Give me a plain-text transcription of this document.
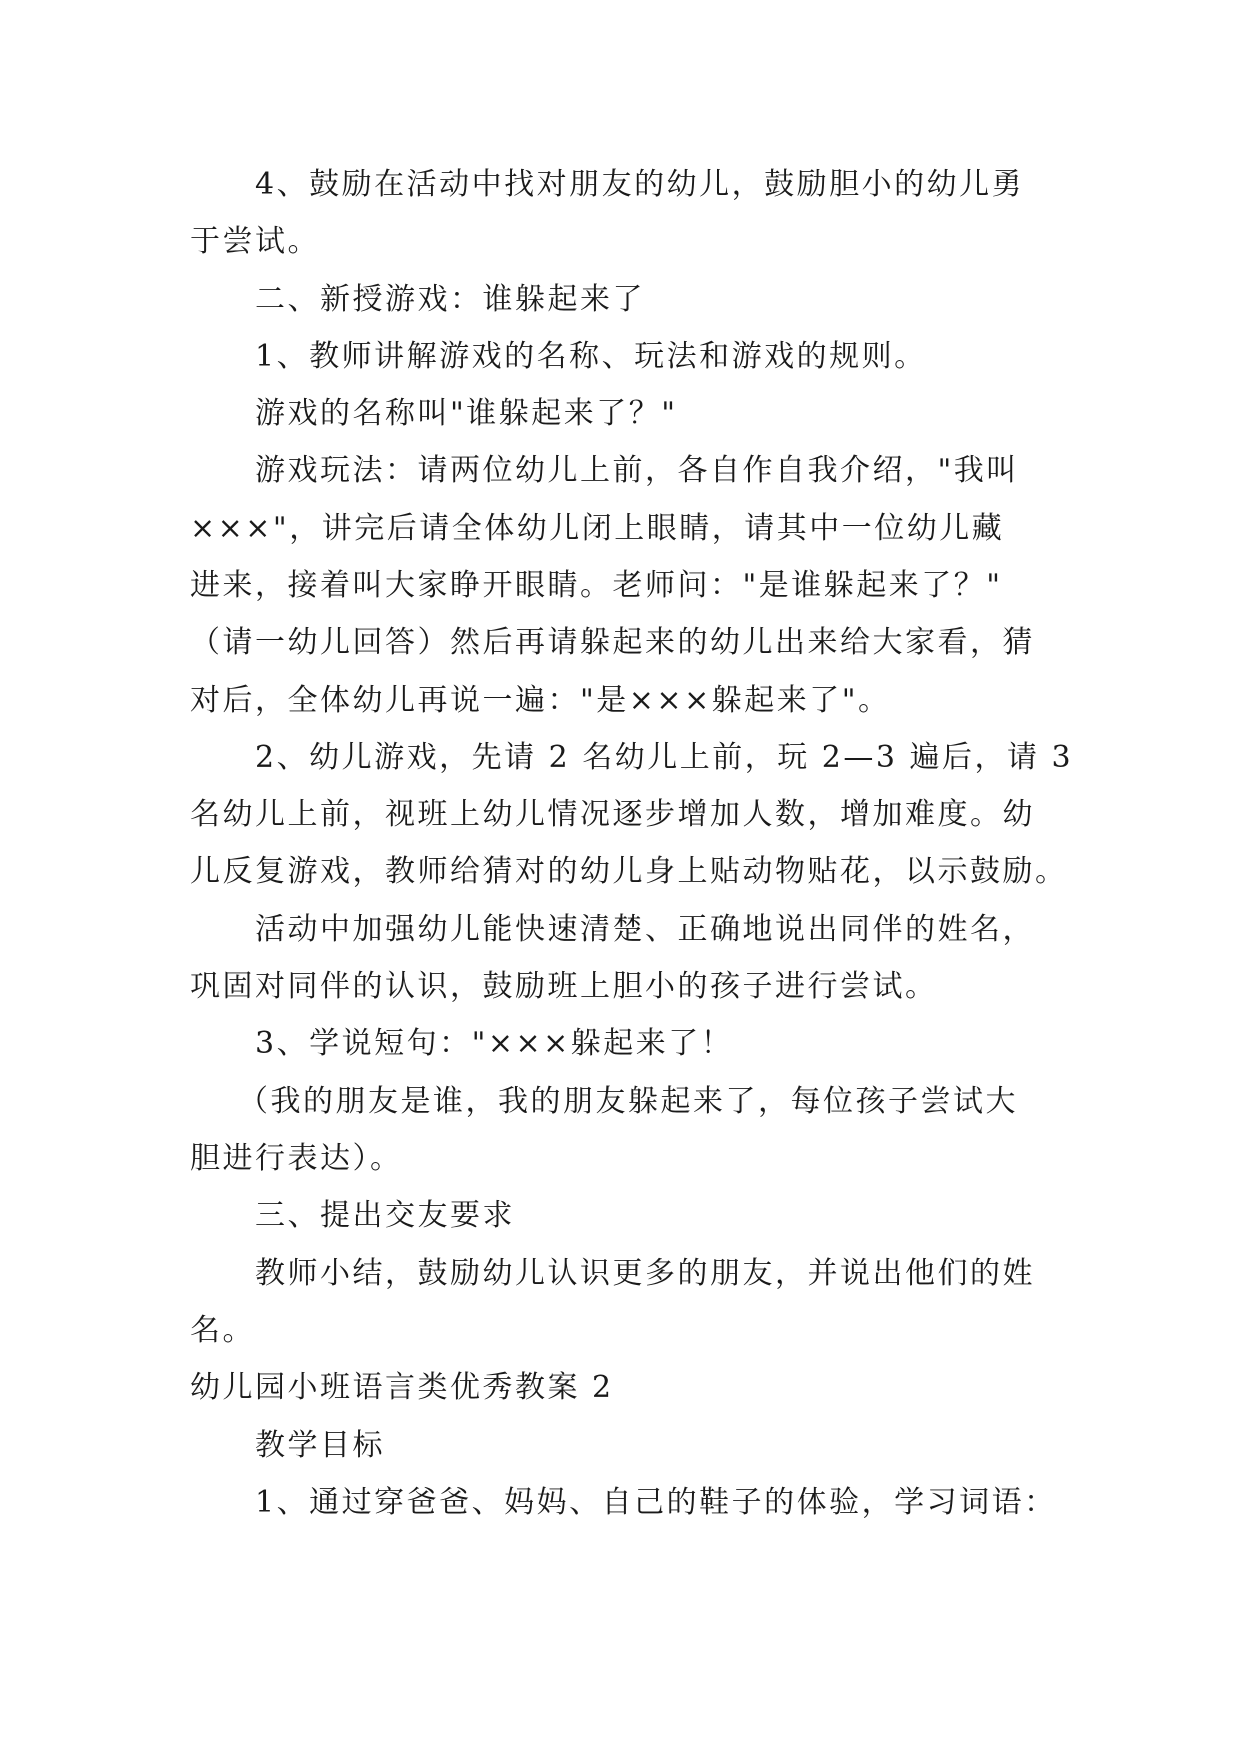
4、鼓励在活动中找对朋友的幼儿，鼓励胆小的幼儿勇
于尝试。
二、新授游戏：谁躲起来了
1、教师讲解游戏的名称、玩法和游戏的规则。
游戏的名称叫"谁躲起来了？"
游戏玩法：请两位幼儿上前，各自作自我介绍，"我叫
×××"，讲完后请全体幼儿闭上眼睛，请其中一位幼儿藏
进来，接着叫大家睁开眼睛。老师问："是谁躲起来了？"
（请一幼儿回答）然后再请躲起来的幼儿出来给大家看，猜
对后，全体幼儿再说一遍："是×××躲起来了"。
2、幼儿游戏，先请 2 名幼儿上前，玩 2—3 遍后，请 3
名幼儿上前，视班上幼儿情况逐步增加人数，增加难度。幼
儿反复游戏，教师给猜对的幼儿身上贴动物贴花，以示鼓励。
活动中加强幼儿能快速清楚、正确地说出同伴的姓名，
巩固对同伴的认识，鼓励班上胆小的孩子进行尝试。
3、学说短句："×××躲起来了！
（我的朋友是谁，我的朋友躲起来了，每位孩子尝试大
胆进行表达）。
三、提出交友要求
教师小结，鼓励幼儿认识更多的朋友，并说出他们的姓
名。
幼儿园小班语言类优秀教案 2
教学目标
1、通过穿爸爸、妈妈、自己的鞋子的体验，学习词语：
